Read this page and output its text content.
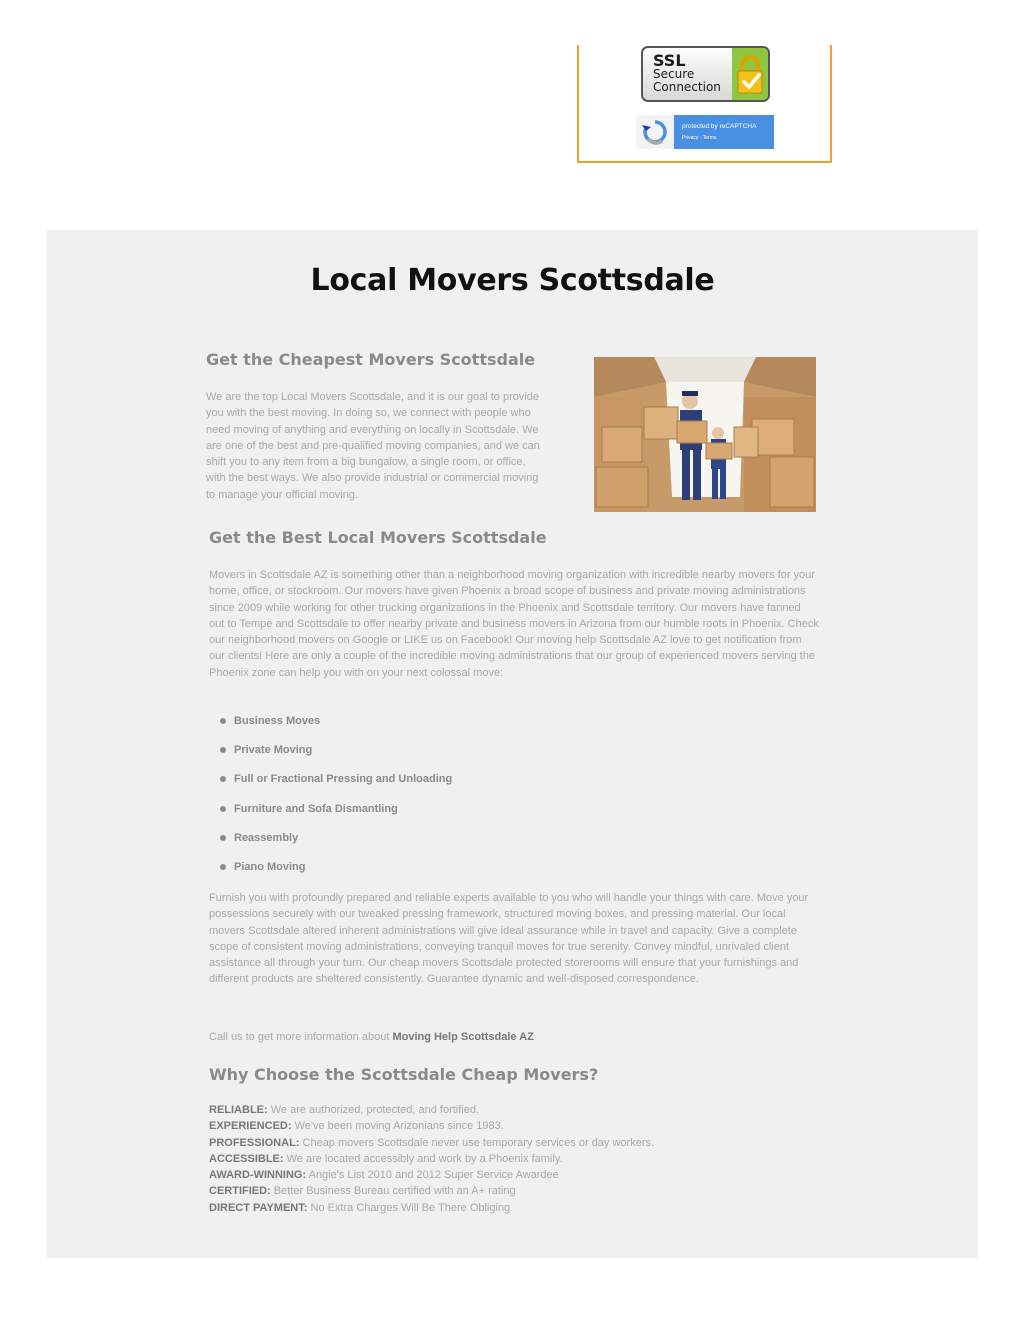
SSL
Secure
Connection
protected by reCAPTCHA
Privacy - Terms
Local Movers Scottsdale
Get the Cheapest Movers Scottsdale

We are the top Local Movers Scottsdale, and it is our goal to provide you with the best moving. In doing so, we connect with people who need moving of anything and everything on locally in Scottsdale. We are one of the best and pre-qualified moving companies, and we can shift you to any item from a big bungalow, a single room, or office, with the best ways. We also provide industrial or commercial moving to manage your official moving.

Get the Best Local Movers Scottsdale

Movers in Scottsdale AZ is something other than a neighborhood moving organization with incredible nearby movers for your home, office, or stockroom. Our movers have given Phoenix a broad scope of business and private moving administrations since 2009 while working for other trucking organizations in the Phoenix and Scottsdale territory. Our movers have fanned out to Tempe and Scottsdale to offer nearby private and business movers in Arizona from our humble roots in Phoenix. Check our neighborhood movers on Google or LIKE us on Facebook! Our moving help Scottsdale AZ love to get notification from our clients! Here are only a couple of the incredible moving administrations that our group of experienced movers serving the Phoenix zone can help you with on your next colossal move:

Business Moves
Private Moving
Full or Fractional Pressing and Unloading
Furniture and Sofa Dismantling
Reassembly
Piano Moving

Furnish you with profoundly prepared and reliable experts available to you who will handle your things with care. Move your possessions securely with our tweaked pressing framework, structured moving boxes, and pressing material. Our local movers Scottsdale altered inherent administrations will give ideal assurance while in travel and capacity. Give a complete scope of consistent moving administrations, conveying tranquil moves for true serenity. Convey mindful, unrivaled client assistance all through your turn. Our cheap movers Scottsdale protected storerooms will ensure that your furnishings and different products are sheltered consistently. Guarantee dynamic and well-disposed correspondence.

Call us to get more information about Moving Help Scottsdale AZ

Why Choose the Scottsdale Cheap Movers?
RELIABLE: We are authorized, protected, and fortified.
EXPERIENCED: We've been moving Arizonians since 1983.
PROFESSIONAL: Cheap movers Scottsdale never use temporary services or day workers.
ACCESSIBLE: We are located accessibly and work by a Phoenix family.
AWARD-WINNING: Angie's List 2010 and 2012 Super Service Awardee
CERTIFIED: Better Business Bureau certified with an A+ rating
DIRECT PAYMENT: No Extra Charges Will Be There Obliging
